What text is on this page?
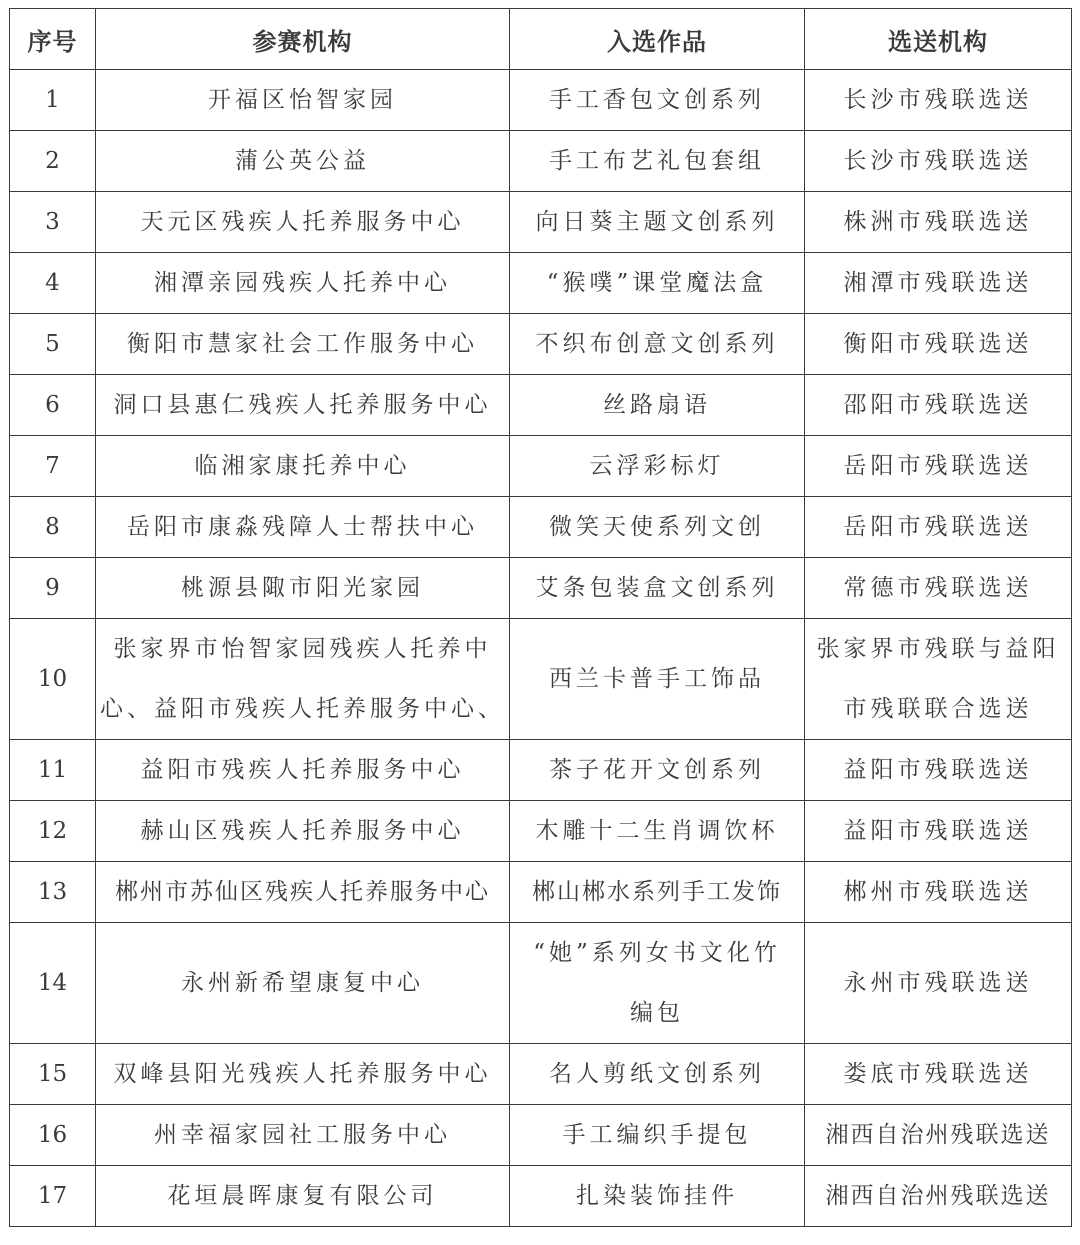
序号	参赛机构	入选作品	选送机构
1	开福区怡智家园	手工香包文创系列	长沙市残联选送

2	蒲公英公益	手工布艺礼包套组	长沙市残联选送

3	天元区残疾人托养服务中心	向日葵主题文创系列	株洲市残联选送

4	湘潭亲园残疾人托养中心	“猴噗”课堂魔法盒	湘潭市残联选送

5	衡阳市慧家社会工作服务中心	不织布创意文创系列	衡阳市残联选送

6	洞口县惠仁残疾人托养服务中心	丝路扇语	邵阳市残联选送

7	临湘家康托养中心	云浮彩标灯	岳阳市残联选送

8	岳阳市康淼残障人士帮扶中心	微笑天使系列文创	岳阳市残联选送

9	桃源县陬市阳光家园	艾条包装盒文创系列	常德市残联选送

10	张家界市怡智家园残疾人托养中心、益阳市残疾人托养服务中心、	西兰卡普手工饰品	张家界市残联与益阳市残联联合选送

11	益阳市残疾人托养服务中心	茶子花开文创系列	益阳市残联选送

12	赫山区残疾人托养服务中心	木雕十二生肖调饮杯	益阳市残联选送

13	郴州市苏仙区残疾人托养服务中心	郴山郴水系列手工发饰	郴州市残联选送

14	永州新希望康复中心	“她”系列女书文化竹编包	永州市残联选送

15	双峰县阳光残疾人托养服务中心	名人剪纸文创系列	娄底市残联选送

16	州幸福家园社工服务中心	手工编织手提包	湘西自治州残联选送

17	花垣晨晖康复有限公司	扎染装饰挂件	湘西自治州残联选送
